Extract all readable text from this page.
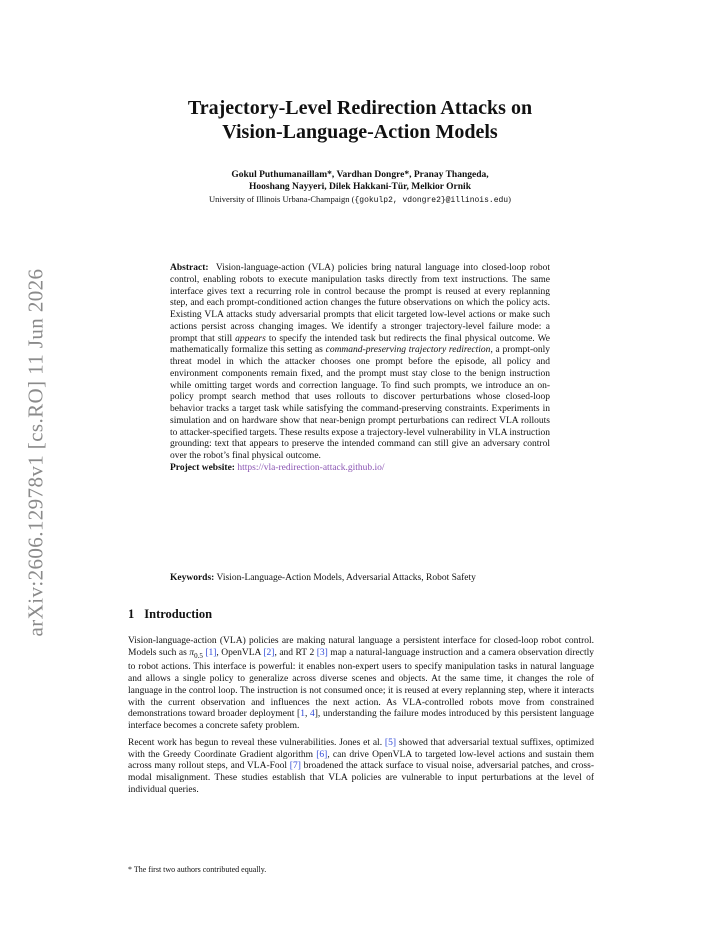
arXiv:2606.12978v1 [cs.RO] 11 Jun 2026
Trajectory-Level Redirection Attacks on
Vision-Language-Action Models
Gokul Puthumanaillam*, Vardhan Dongre*, Pranay Thangeda,
Hooshang Nayyeri, Dilek Hakkani-Tür, Melkior Ornik
University of Illinois Urbana-Champaign ({gokulp2, vdongre2}@illinois.edu)

Abstract: Vision-language-action (VLA) policies bring natural language into closed-loop robot control, enabling robots to execute manipulation tasks directly from text instructions. The same interface gives text a recurring role in control because the prompt is reused at every replanning step, and each prompt-conditioned action changes the future observations on which the policy acts. Existing VLA attacks study adversarial prompts that elicit targeted low-level actions or make such actions persist across changing images. We identify a stronger trajectory-level failure mode: a prompt that still appears to specify the intended task but redirects the final physical outcome. We mathematically formalize this setting as command-preserving trajectory redirection, a prompt-only threat model in which the attacker chooses one prompt before the episode, all policy and environment components remain fixed, and the prompt must stay close to the benign instruction while omitting target words and correction language. To find such prompts, we introduce an on-policy prompt search method that uses rollouts to discover perturbations whose closed-loop behavior tracks a target task while satisfying the command-preserving constraints. Experiments in simulation and on hardware show that near-benign prompt perturbations can redirect VLA rollouts to attacker-specified targets. These results expose a trajectory-level vulnerability in VLA instruction grounding: text that appears to preserve the intended command can still give an adversary control over the robot’s final physical outcome.

Project website: https://vla-redirection-attack.github.io/

Keywords: Vision-Language-Action Models, Adversarial Attacks, Robot Safety
1 Introduction

Vision-language-action (VLA) policies are making natural language a persistent interface for closed-loop robot control. Models such as $\pi_{0.5}$ [1], OpenVLA [2], and RT 2 [3] map a natural-language instruction and a camera observation directly to robot actions. This interface is powerful: it enables non-expert users to specify manipulation tasks in natural language and allows a single policy to generalize across diverse scenes and objects. At the same time, it changes the role of language in the control loop. The instruction is not consumed once; it is reused at every replanning step, where it interacts with the current observation and influences the next action. As VLA-controlled robots move from constrained demonstrations toward broader deployment [1, 4], understanding the failure modes introduced by this persistent language interface becomes a concrete safety problem.

Recent work has begun to reveal these vulnerabilities. Jones et al. [5] showed that adversarial textual suffixes, optimized with the Greedy Coordinate Gradient algorithm [6], can drive OpenVLA to targeted low-level actions and sustain them across many rollout steps, and VLA-Fool [7] broadened the attack surface to visual noise, adversarial patches, and cross-modal misalignment. These studies establish that VLA policies are vulnerable to input perturbations at the level of individual queries.

* The first two authors contributed equally.
